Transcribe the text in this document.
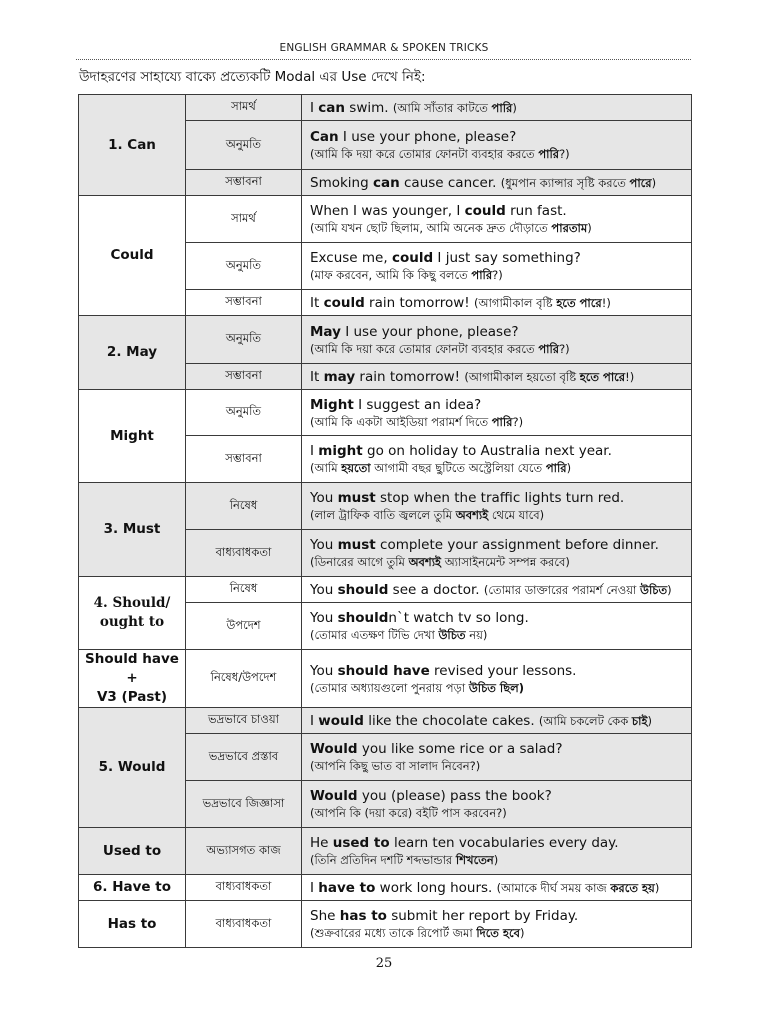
ENGLISH GRAMMAR & SPOKEN TRICKS
উদাহরণের সাহায্যে বাক্যে প্রত্যেকটি Modal এর Use দেখে নিই:
1. Can	সামর্থ	I can swim. (আমি সাঁতার কাটতে পারি)
	অনুমতি	Can I use your phone, please?
(আমি কি দয়া করে তোমার ফোনটা ব্যবহার করতে পারি?)

	সম্ভাবনা	Smoking can cause cancer. (ধুমপান ক্যান্সার সৃষ্টি করতে পারে)
Could	সামর্থ	When I was younger, I could run fast.
(আমি যখন ছোট ছিলাম, আমি অনেক দ্রুত দৌড়াতে পারতাম)

	অনুমতি	Excuse me, could I just say something?
(মাফ করবেন, আমি কি কিছু বলতে পারি?)

	সম্ভাবনা	It could rain tomorrow! (আগামীকাল বৃষ্টি হতে পারে!)
2. May	অনুমতি	May I use your phone, please?
(আমি কি দয়া করে তোমার ফোনটা ব্যবহার করতে পারি?)

	সম্ভাবনা	It may rain tomorrow! (আগামীকাল হয়তো বৃষ্টি হতে পারে!)
Might	অনুমতি	Might I suggest an idea?
(আমি কি একটা আইডিয়া পরামর্শ দিতে পারি?)

	সম্ভাবনা	I might go on holiday to Australia next year.
(আমি হয়তো আগামী বছর ছুটিতে অস্ট্রেলিয়া যেতে পারি)

3. Must	নিষেধ	You must stop when the traffic lights turn red.
(লাল ট্রাফিক বাতি জ্বললে তুমি অবশ্যই থেমে যাবে)

	বাধ্যবাধকতা	You must complete your assignment before dinner.
(ডিনারের আগে তুমি অবশ্যই অ্যাসাইনমেন্ট সম্পন্ন করবে)

4. Should/
ought to	নিষেধ	You should see a doctor. (তোমার ডাক্তারের পরামর্শ নেওয়া উচিত)
	উপদেশ	You shouldn`t watch tv so long.
(তোমার এতক্ষণ টিভি দেখা উচিত নয়)

Should have +
V3 (Past)	নিষেধ/উপদেশ	You should have revised your lessons.
(তোমার অধ্যায়গুলো পুনরায় পড়া উচিত ছিল)

5. Would	ভদ্রভাবে চাওয়া	I would like the chocolate cakes. (আমি চকলেট কেক চাই)
	ভদ্রভাবে প্রস্তাব	Would you like some rice or a salad?
(আপনি কিছু ভাত বা সালাদ নিবেন?)

	ভদ্রভাবে জিজ্ঞাসা	Would you (please) pass the book?
(আপনি কি (দয়া করে) বইটি পাস করবেন?)

Used to	অভ্যাসগত কাজ	He used to learn ten vocabularies every day.
(তিনি প্রতিদিন দশটি শব্দভান্ডার শিখতেন)

6. Have to	বাধ্যবাধকতা	I have to work long hours. (আমাকে দীর্ঘ সময় কাজ করতে হয়)
Has to	বাধ্যবাধকতা	She has to submit her report by Friday.
(শুক্রবারের মধ্যে তাকে রিপোর্ট জমা দিতে হবে)
25
